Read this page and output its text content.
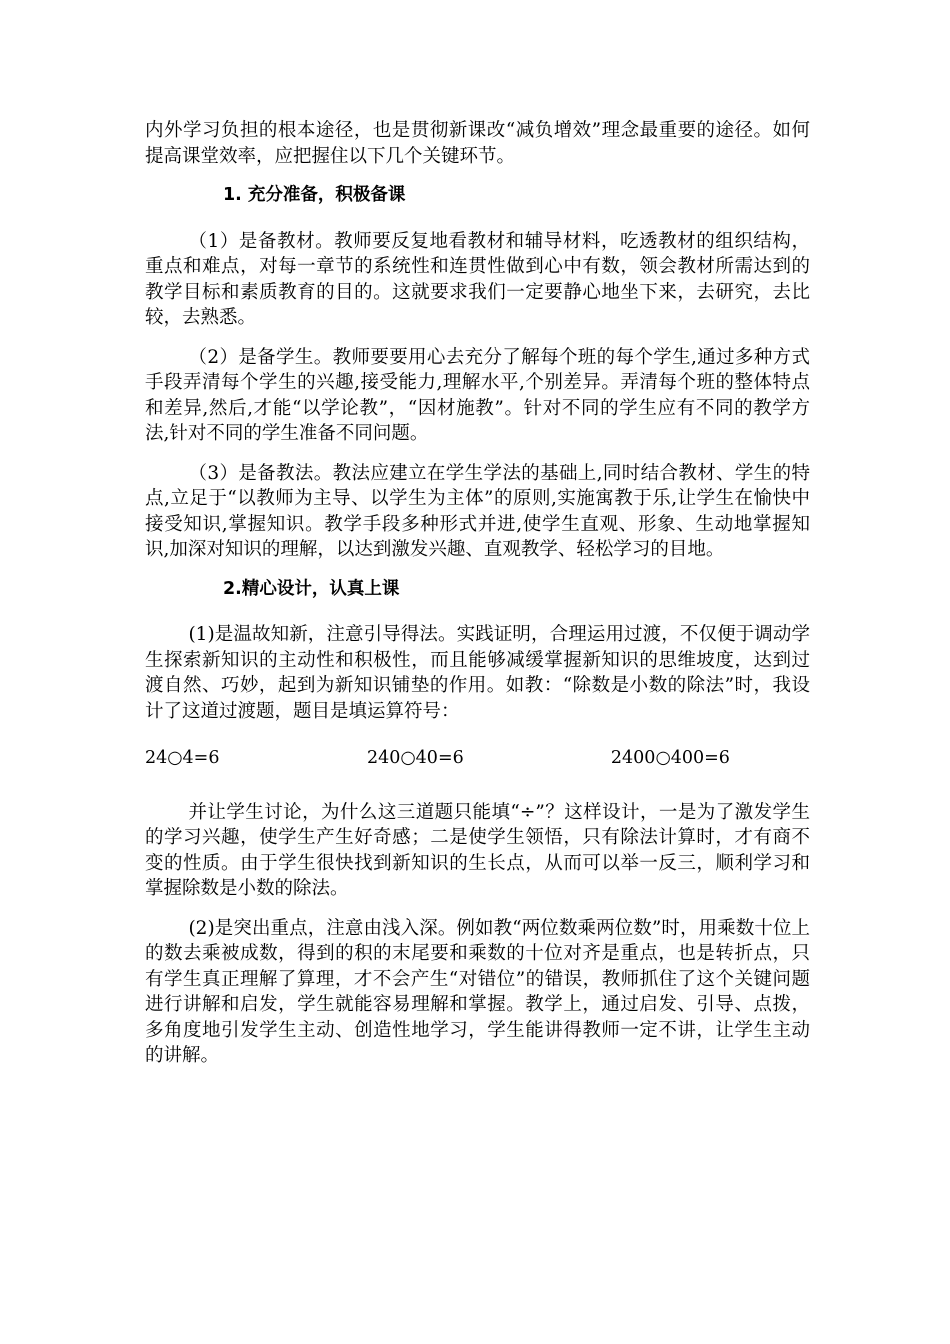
内外学习负担的根本途径，也是贯彻新课改“减负增效”理念最重要的途径。如何提高课堂效率，应把握住以下几个关键环节。

1. 充分准备，积极备课

（1）是备教材。教师要反复地看教材和辅导材料，吃透教材的组织结构，重点和难点，对每一章节的系统性和连贯性做到心中有数，领会教材所需达到的教学目标和素质教育的目的。这就要求我们一定要静心地坐下来，去研究，去比较，去熟悉。

（2）是备学生。教师要要用心去充分了解每个班的每个学生,通过多种方式手段弄清每个学生的兴趣,接受能力,理解水平,个别差异。弄清每个班的整体特点和差异,然后,才能“以学论教”，“因材施教”。针对不同的学生应有不同的教学方法,针对不同的学生准备不同问题。

（3）是备教法。教法应建立在学生学法的基础上,同时结合教材、学生的特点,立足于“以教师为主导、以学生为主体”的原则,实施寓教于乐,让学生在愉快中接受知识,掌握知识。教学手段多种形式并进,使学生直观、形象、生动地掌握知识,加深对知识的理解，以达到激发兴趣、直观教学、轻松学习的目地。

2.精心设计，认真上课

(1)是温故知新，注意引导得法。实践证明，合理运用过渡，不仅便于调动学生探索新知识的主动性和积极性，而且能够减缓掌握新知识的思维坡度，达到过渡自然、巧妙，起到为新知识铺垫的作用。如教：“除数是小数的除法”时，我设计了这道过渡题，题目是填运算符号：

24○4=6	240○40=6	2400○400=6

并让学生讨论，为什么这三道题只能填“÷”？这样设计，一是为了激发学生的学习兴趣，使学生产生好奇感；二是使学生领悟，只有除法计算时，才有商不变的性质。由于学生很快找到新知识的生长点，从而可以举一反三，顺利学习和掌握除数是小数的除法。

(2)是突出重点，注意由浅入深。例如教“两位数乘两位数”时，用乘数十位上的数去乘被成数，得到的积的末尾要和乘数的十位对齐是重点，也是转折点，只有学生真正理解了算理，才不会产生“对错位”的错误，教师抓住了这个关键问题进行讲解和启发，学生就能容易理解和掌握。教学上，通过启发、引导、点拨，多角度地引发学生主动、创造性地学习，学生能讲得教师一定不讲，让学生主动的讲解。
